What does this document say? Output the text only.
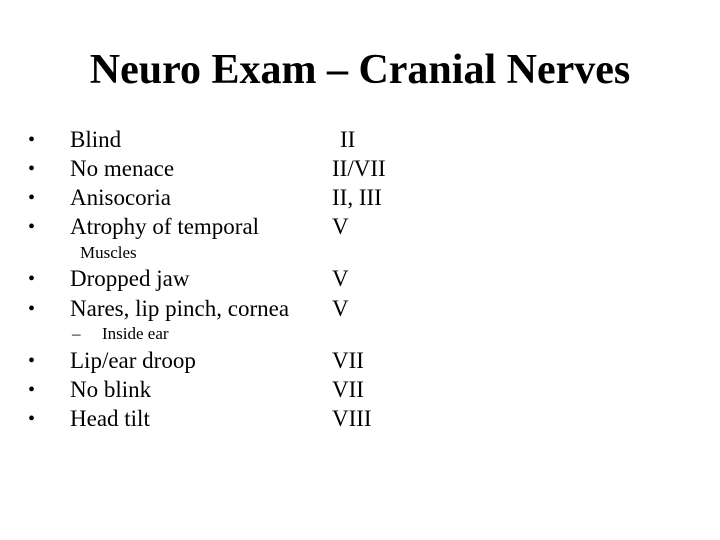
Neuro Exam – Cranial Nerves
• Blind	II
• No menace	II/VII
• Anisocoria	II, III
• Atrophy of temporal	V
Muscles
• Dropped jaw	V
• Nares, lip pinch, cornea V
– Inside ear
• Lip/ear droop	VII
• No blink	VII
• Head tilt	VIII
